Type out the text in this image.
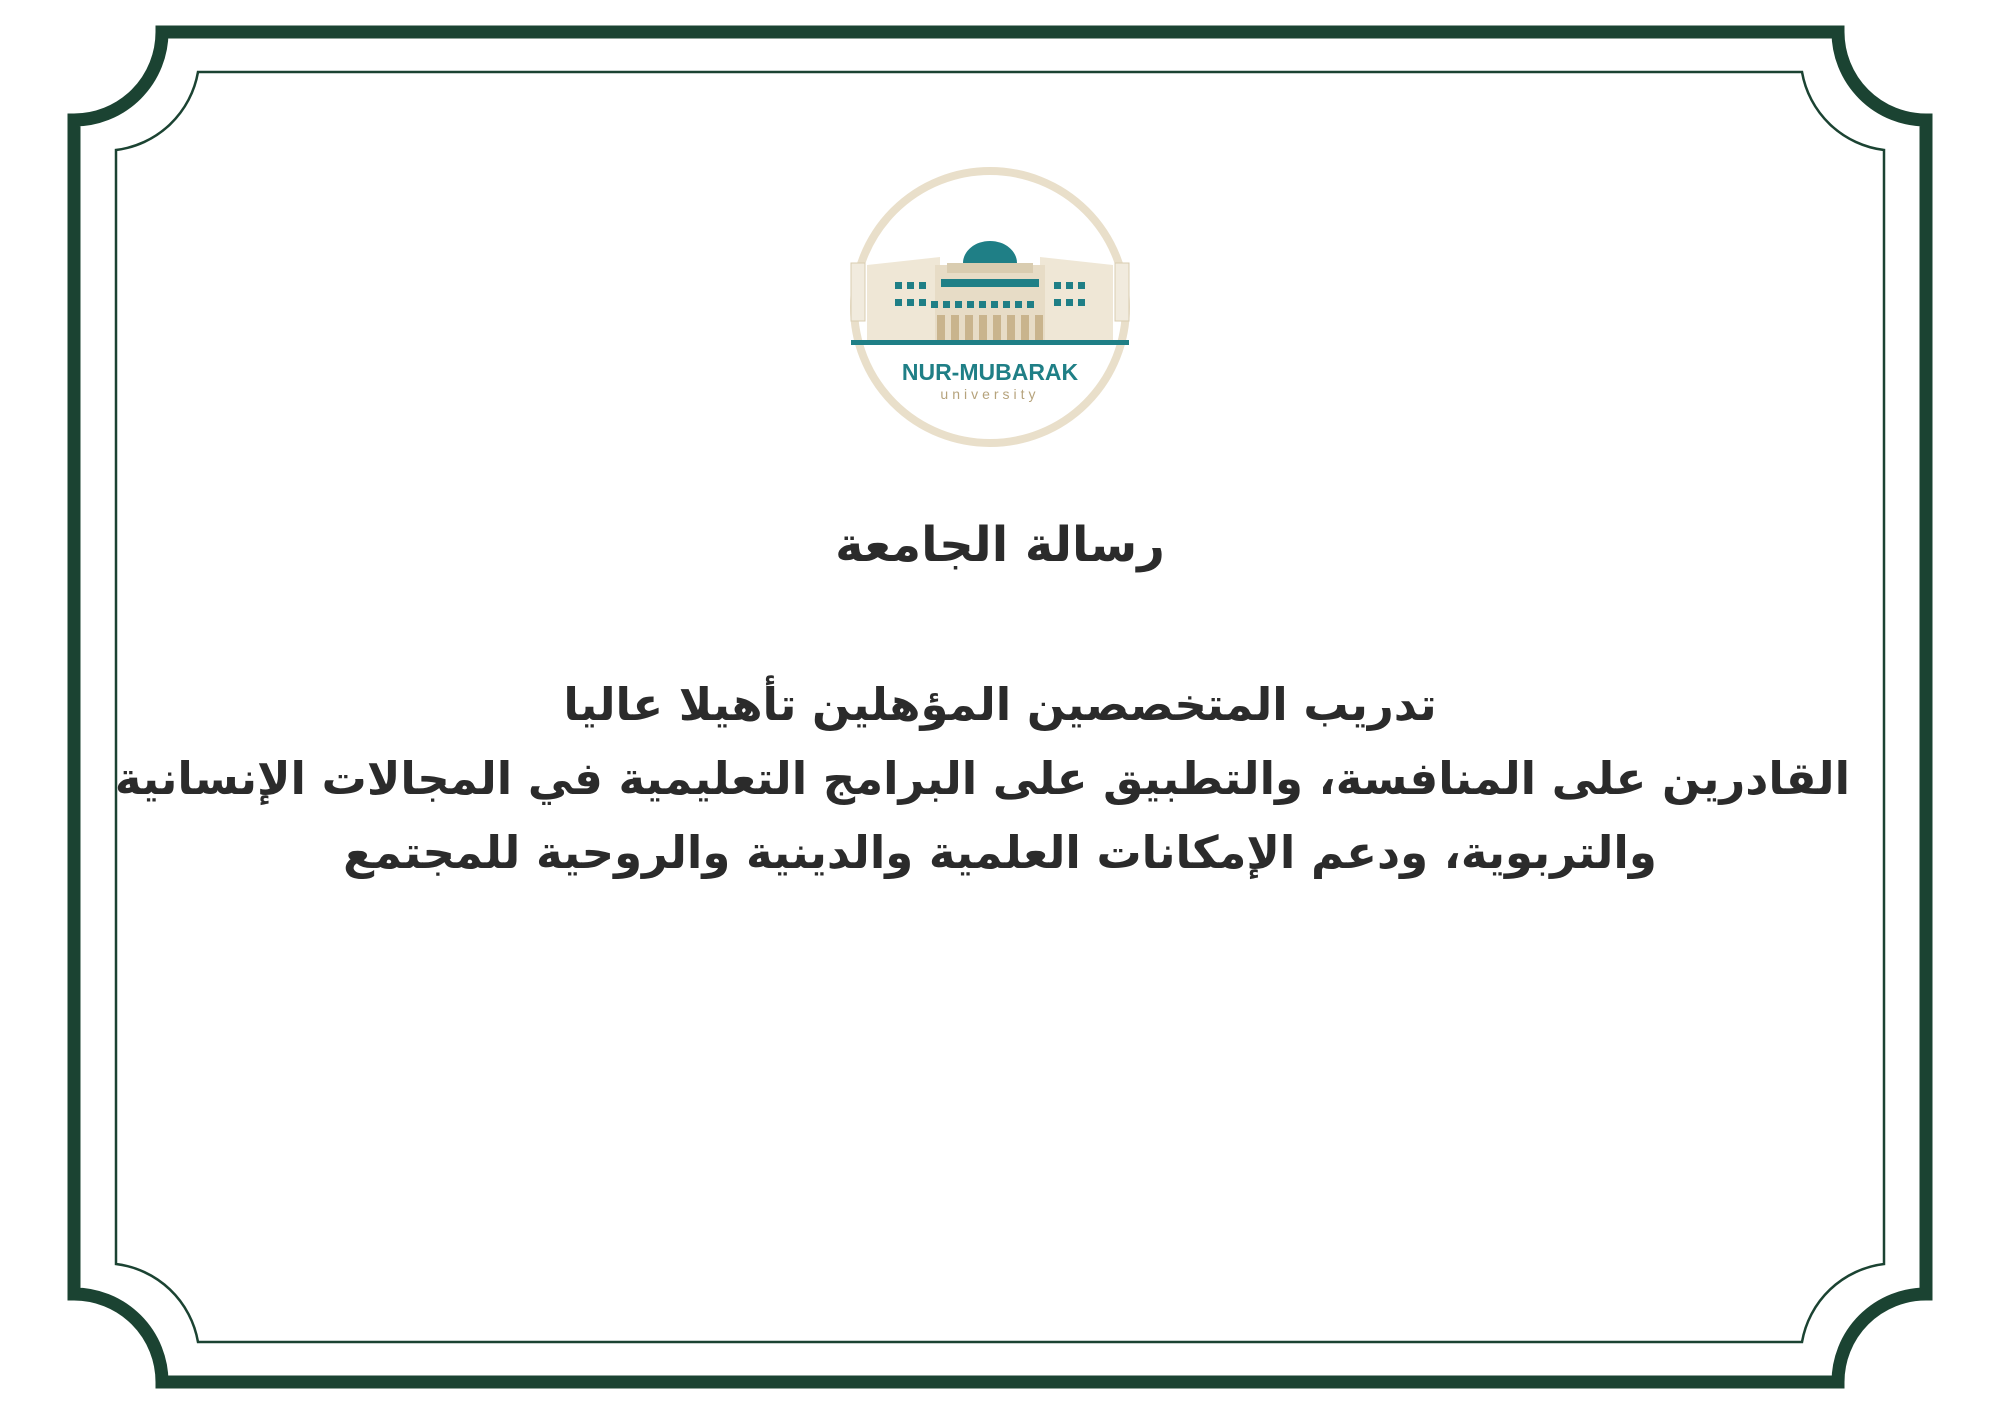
NUR-MUBARAK
university
رسالة الجامعة
تدريب المتخصصين المؤهلين تأهيلا عاليا
القادرين على المنافسة، والتطبيق على البرامج التعليمية في المجالات الإنسانية
والتربوية، ودعم الإمكانات العلمية والدينية والروحية للمجتمع
